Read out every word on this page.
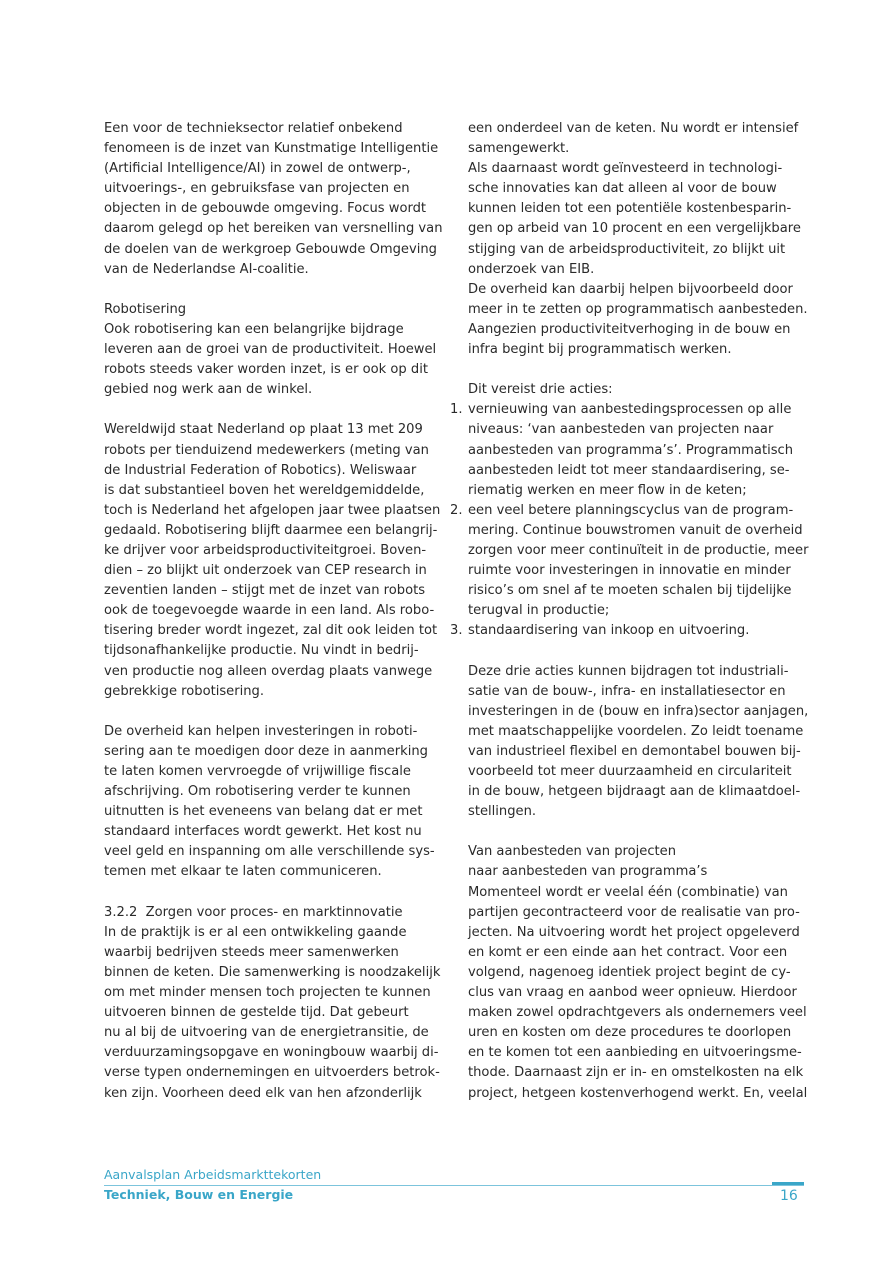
Een voor de technieksector relatief onbekend
fenomeen is de inzet van Kunstmatige Intelligentie
(Artificial Intelligence/AI) in zowel de ontwerp-,
uitvoerings-, en gebruiksfase van projecten en
objecten in de gebouwde omgeving. Focus wordt
daarom gelegd op het bereiken van versnelling van
de doelen van de werkgroep Gebouwde Omgeving
van de Nederlandse AI-coalitie.
Robotisering
Ook robotisering kan een belangrijke bijdrage
leveren aan de groei van de productiviteit. Hoewel
robots steeds vaker worden inzet, is er ook op dit
gebied nog werk aan de winkel.
Wereldwijd staat Nederland op plaat 13 met 209
robots per tienduizend medewerkers (meting van
de Industrial Federation of Robotics). Weliswaar
is dat substantieel boven het wereldgemiddelde,
toch is Nederland het afgelopen jaar twee plaatsen
gedaald. Robotisering blijft daarmee een belangrij-
ke drijver voor arbeidsproductiviteitgroei. Boven-
dien – zo blijkt uit onderzoek van CEP research in
zeventien landen – stijgt met de inzet van robots
ook de toegevoegde waarde in een land. Als robo-
tisering breder wordt ingezet, zal dit ook leiden tot
tijdsonafhankelijke productie. Nu vindt in bedrij-
ven productie nog alleen overdag plaats vanwege
gebrekkige robotisering.
De overheid kan helpen investeringen in roboti-
sering aan te moedigen door deze in aanmerking
te laten komen vervroegde of vrijwillige fiscale
afschrijving. Om robotisering verder te kunnen
uitnutten is het eveneens van belang dat er met
standaard interfaces wordt gewerkt. Het kost nu
veel geld en inspanning om alle verschillende sys-
temen met elkaar te laten communiceren.
3.2.2  Zorgen voor proces- en marktinnovatie
In de praktijk is er al een ontwikkeling gaande
waarbij bedrijven steeds meer samenwerken
binnen de keten. Die samenwerking is noodzakelijk
om met minder mensen toch projecten te kunnen
uitvoeren binnen de gestelde tijd. Dat gebeurt
nu al bij de uitvoering van de energietransitie, de
verduurzamingsopgave en woningbouw waarbij di-
verse typen ondernemingen en uitvoerders betrok-
ken zijn. Voorheen deed elk van hen afzonderlijk
een onderdeel van de keten. Nu wordt er intensief
samengewerkt.
Als daarnaast wordt geïnvesteerd in technologi-
sche innovaties kan dat alleen al voor de bouw
kunnen leiden tot een potentiële kostenbesparin-
gen op arbeid van 10 procent en een vergelijkbare
stijging van de arbeidsproductiviteit, zo blijkt uit
onderzoek van EIB.
De overheid kan daarbij helpen bijvoorbeeld door
meer in te zetten op programmatisch aanbesteden.
Aangezien productiviteitverhoging in de bouw en
infra begint bij programmatisch werken.
Dit vereist drie acties:
1. vernieuwing van aanbestedingsprocessen op alle
niveaus: ‘van aanbesteden van projecten naar
aanbesteden van programma’s’. Programmatisch
aanbesteden leidt tot meer standaardisering, se-
riematig werken en meer flow in de keten;
2. een veel betere planningscyclus van de program-
mering. Continue bouwstromen vanuit de overheid
zorgen voor meer continuïteit in de productie, meer
ruimte voor investeringen in innovatie en minder
risico’s om snel af te moeten schalen bij tijdelijke
terugval in productie;
3. standaardisering van inkoop en uitvoering.
Deze drie acties kunnen bijdragen tot industriali-
satie van de bouw-, infra- en installatiesector en
investeringen in de (bouw en infra)sector aanjagen,
met maatschappelijke voordelen. Zo leidt toename
van industrieel flexibel en demontabel bouwen bij-
voorbeeld tot meer duurzaamheid en circulariteit
in de bouw, hetgeen bijdraagt aan de klimaatdoel-
stellingen.
Van aanbesteden van projecten
naar aanbesteden van programma’s
Momenteel wordt er veelal één (combinatie) van
partijen gecontracteerd voor de realisatie van pro-
jecten. Na uitvoering wordt het project opgeleverd
en komt er een einde aan het contract. Voor een
volgend, nagenoeg identiek project begint de cy-
clus van vraag en aanbod weer opnieuw. Hierdoor
maken zowel opdrachtgevers als ondernemers veel
uren en kosten om deze procedures te doorlopen
en te komen tot een aanbieding en uitvoeringsme-
thode. Daarnaast zijn er in- en omstelkosten na elk
project, hetgeen kostenverhogend werkt. En, veelal
Aanvalsplan Arbeidsmarkttekorten
Techniek, Bouw en Energie	16
